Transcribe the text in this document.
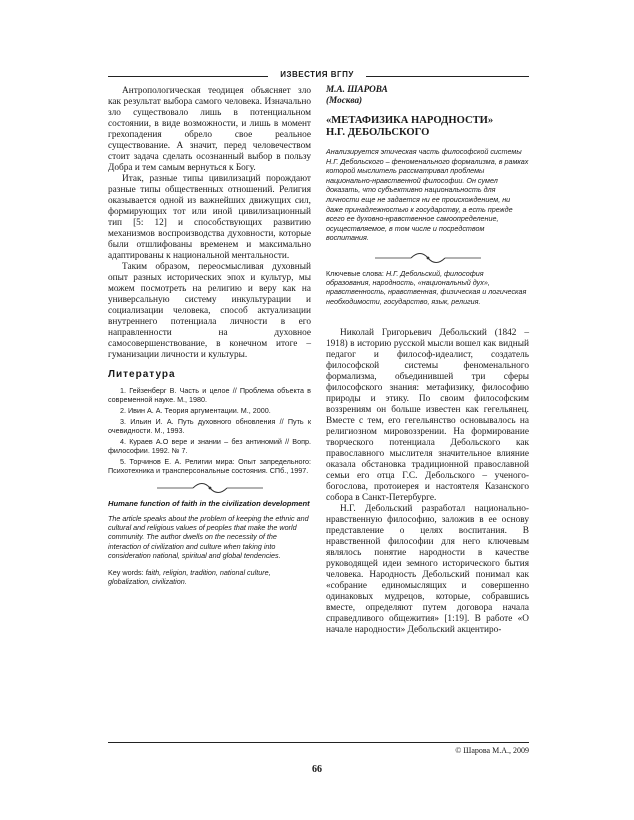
ИЗВЕСТИЯ ВГПУ

Антропологическая теодицея объясняет зло как результат выбора самого человека. Изначально зло существовало лишь в потенциальном состоянии, в виде возможности, и лишь в момент грехопадения обрело свое реальное существование. А значит, перед человечеством стоит задача сделать осознанный выбор в пользу Добра и тем самым вернуться к Богу.

Итак, разные типы цивилизаций порождают разные типы общественных отношений. Религия оказывается одной из важнейших движущих сил, формирующих тот или иной цивилизационный тип [5: 12] и способствующих развитию механизмов воспроизводства духовности, которые были отшлифованы временем и максимально адаптированы к национальной ментальности.

Таким образом, переосмысливая духовный опыт разных исторических эпох и культур, мы можем посмотреть на религию и веру как на универсальную систему инкультурации и социализации человека, способ актуализации внутреннего потенциала личности в его направленности на духовное самосовершенствование, в конечном итоге – гуманизации личности и культуры.

Литература

1. Гейзенберг В. Часть и целое // Проблема объекта в современной науке. М., 1980.

2. Ивин А. А. Теория аргументации. М., 2000.

3. Ильин И. А. Путь духовного обновления // Путь к очевидности. М., 1993.

4. Кураев А.О вере и знании – без антиномий // Вопр. философии. 1992. № 7.

5. Торчинов Е. А. Религии мира: Опыт запредельного: Психотехника и трансперсональные состояния. СПб., 1997.

Humane function of faith in the civilization development
The article speaks about the problem of keeping the ethnic and cultural and religious values of peoples that make the world community. The author dwells on the necessity of the interaction of civilization and culture when taking into consideration national, spiritual and global tendencies.

Key words: faith, religion, tradition, national culture, globalization, civilization.

М.А. ШАРОВА
(Москва)
«МЕТАФИЗИКА НАРОДНОСТИ»
Н.Г. ДЕБОЛЬСКОГО
Анализируется этическая часть философской системы Н.Г. Дебольского – феноменального формализма, в рамках которой мыслитель рассматривал проблемы национально-нравственной философии. Он сумел доказать, что субъективно национальность для личности еще не задается ни ее происхождением, ни даже принадлежностью к государству, а есть прежде всего ее духовно-нравственное самоопределение, осуществляемое, в том числе и посредством воспитания.

Ключевые слова: Н.Г. Дебольский, философия образования, народность, «национальный дух», нравственность, нравственная, физическая и логическая необходимости, государство, язык, религия.

Николай Григорьевич Дебольский (1842 – 1918) в историю русской мысли вошел как видный педагог и философ-идеалист, создатель философской системы феноменального формализма, объединившей три сферы философского знания: метафизику, философию природы и этику. По своим философским воззрениям он больше известен как гегельянец. Вместе с тем, его гегельянство основывалось на религиозном мировоззрении. На формирование творческого потенциала Дебольского как православного мыслителя значительное влияние оказала обстановка традиционной православной семьи его отца Г.С. Дебольского – ученого-богослова, протоиерея и настоятеля Казанского собора в Санкт-Петербурге.

Н.Г. Дебольский разработал национально-нравственную философию, заложив в ее основу представление о целях воспитания. В нравственной философии для него ключевым являлось понятие народности в качестве руководящей идеи земного исторического бытия человека. Народность Дебольский понимал как «собрание единомыслящих и совершенно одинаковых мудрецов, которые, собравшись вместе, определяют путем договора начала справедливого общежития» [1:19]. В работе «О начале народности» Дебольский акцентиро-

© Шарова М.А., 2009
66
